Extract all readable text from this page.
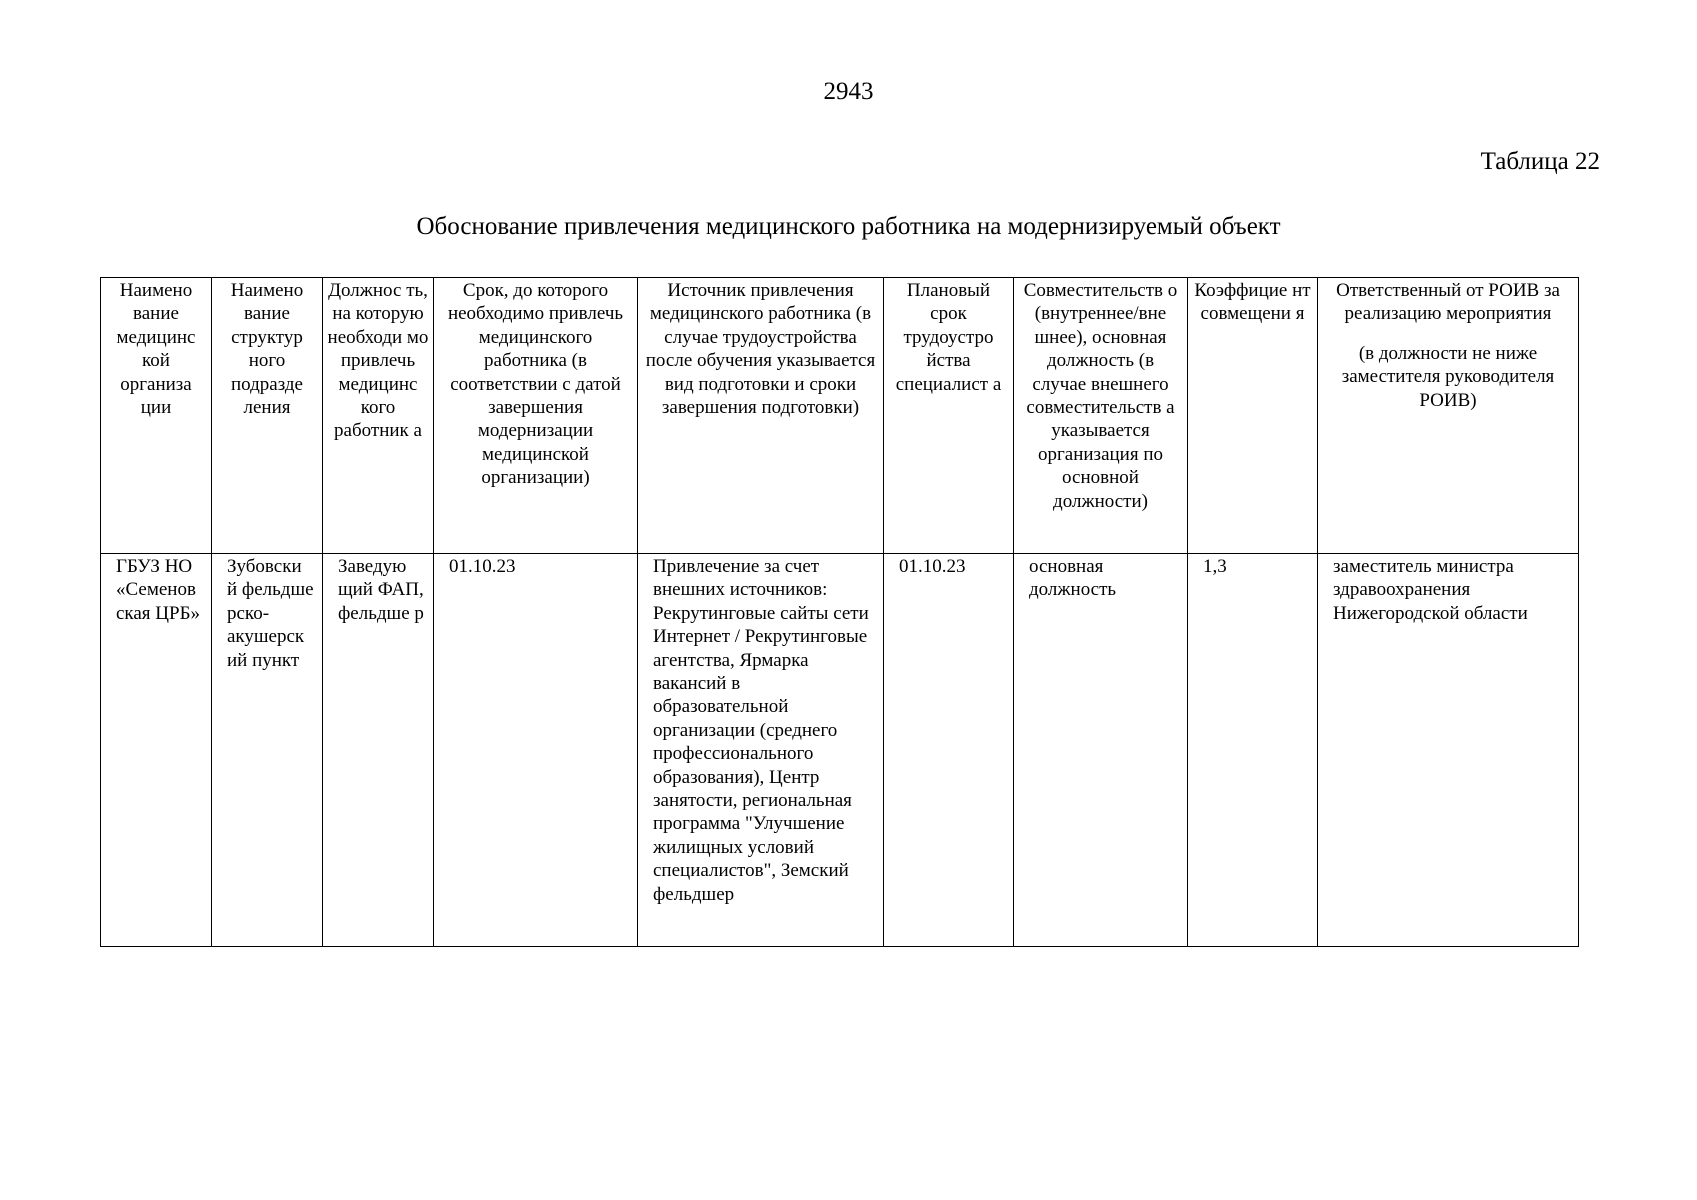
2943
Таблица 22
Обоснование привлечения медицинского работника на модернизируемый объект
Наимено вание медицинс кой организа ции	Наимено вание структур ного подразде ления	Должнос ть, на которую необходи мо привлечь медицинс кого работник а	Срок, до которого необходимо привлечь медицинского работника (в соответствии с датой завершения модернизации медицинской организации)	Источник привлечения медицинского работника (в случае трудоустройства после обучения указывается вид подготовки и сроки завершения подготовки)	Плановый срок трудоустро йства специалист а	Совместительств о (внутреннее/вне шнее), основная должность (в случае внешнего совместительств а указывается организация по основной должности)	Коэффицие нт совмещени я	Ответственный от РОИВ за реализацию мероприятия
(в должности не ниже заместителя руководителя РОИВ)

ГБУЗ НО «Семенов ская ЦРБ»	Зубовски й фельдше рско-акушерск ий пункт	Заведую щий ФАП, фельдше р	01.10.23	Привлечение за счет внешних источников: Рекрутинговые сайты сети Интернет / Рекрутинговые агентства, Ярмарка вакансий в образовательной организации (среднего профессионального образования), Центр занятости, региональная программа "Улучшение жилищных условий специалистов", Земский фельдшер	01.10.23	основная должность	1,3	заместитель министра здравоохранения Нижегородской области
